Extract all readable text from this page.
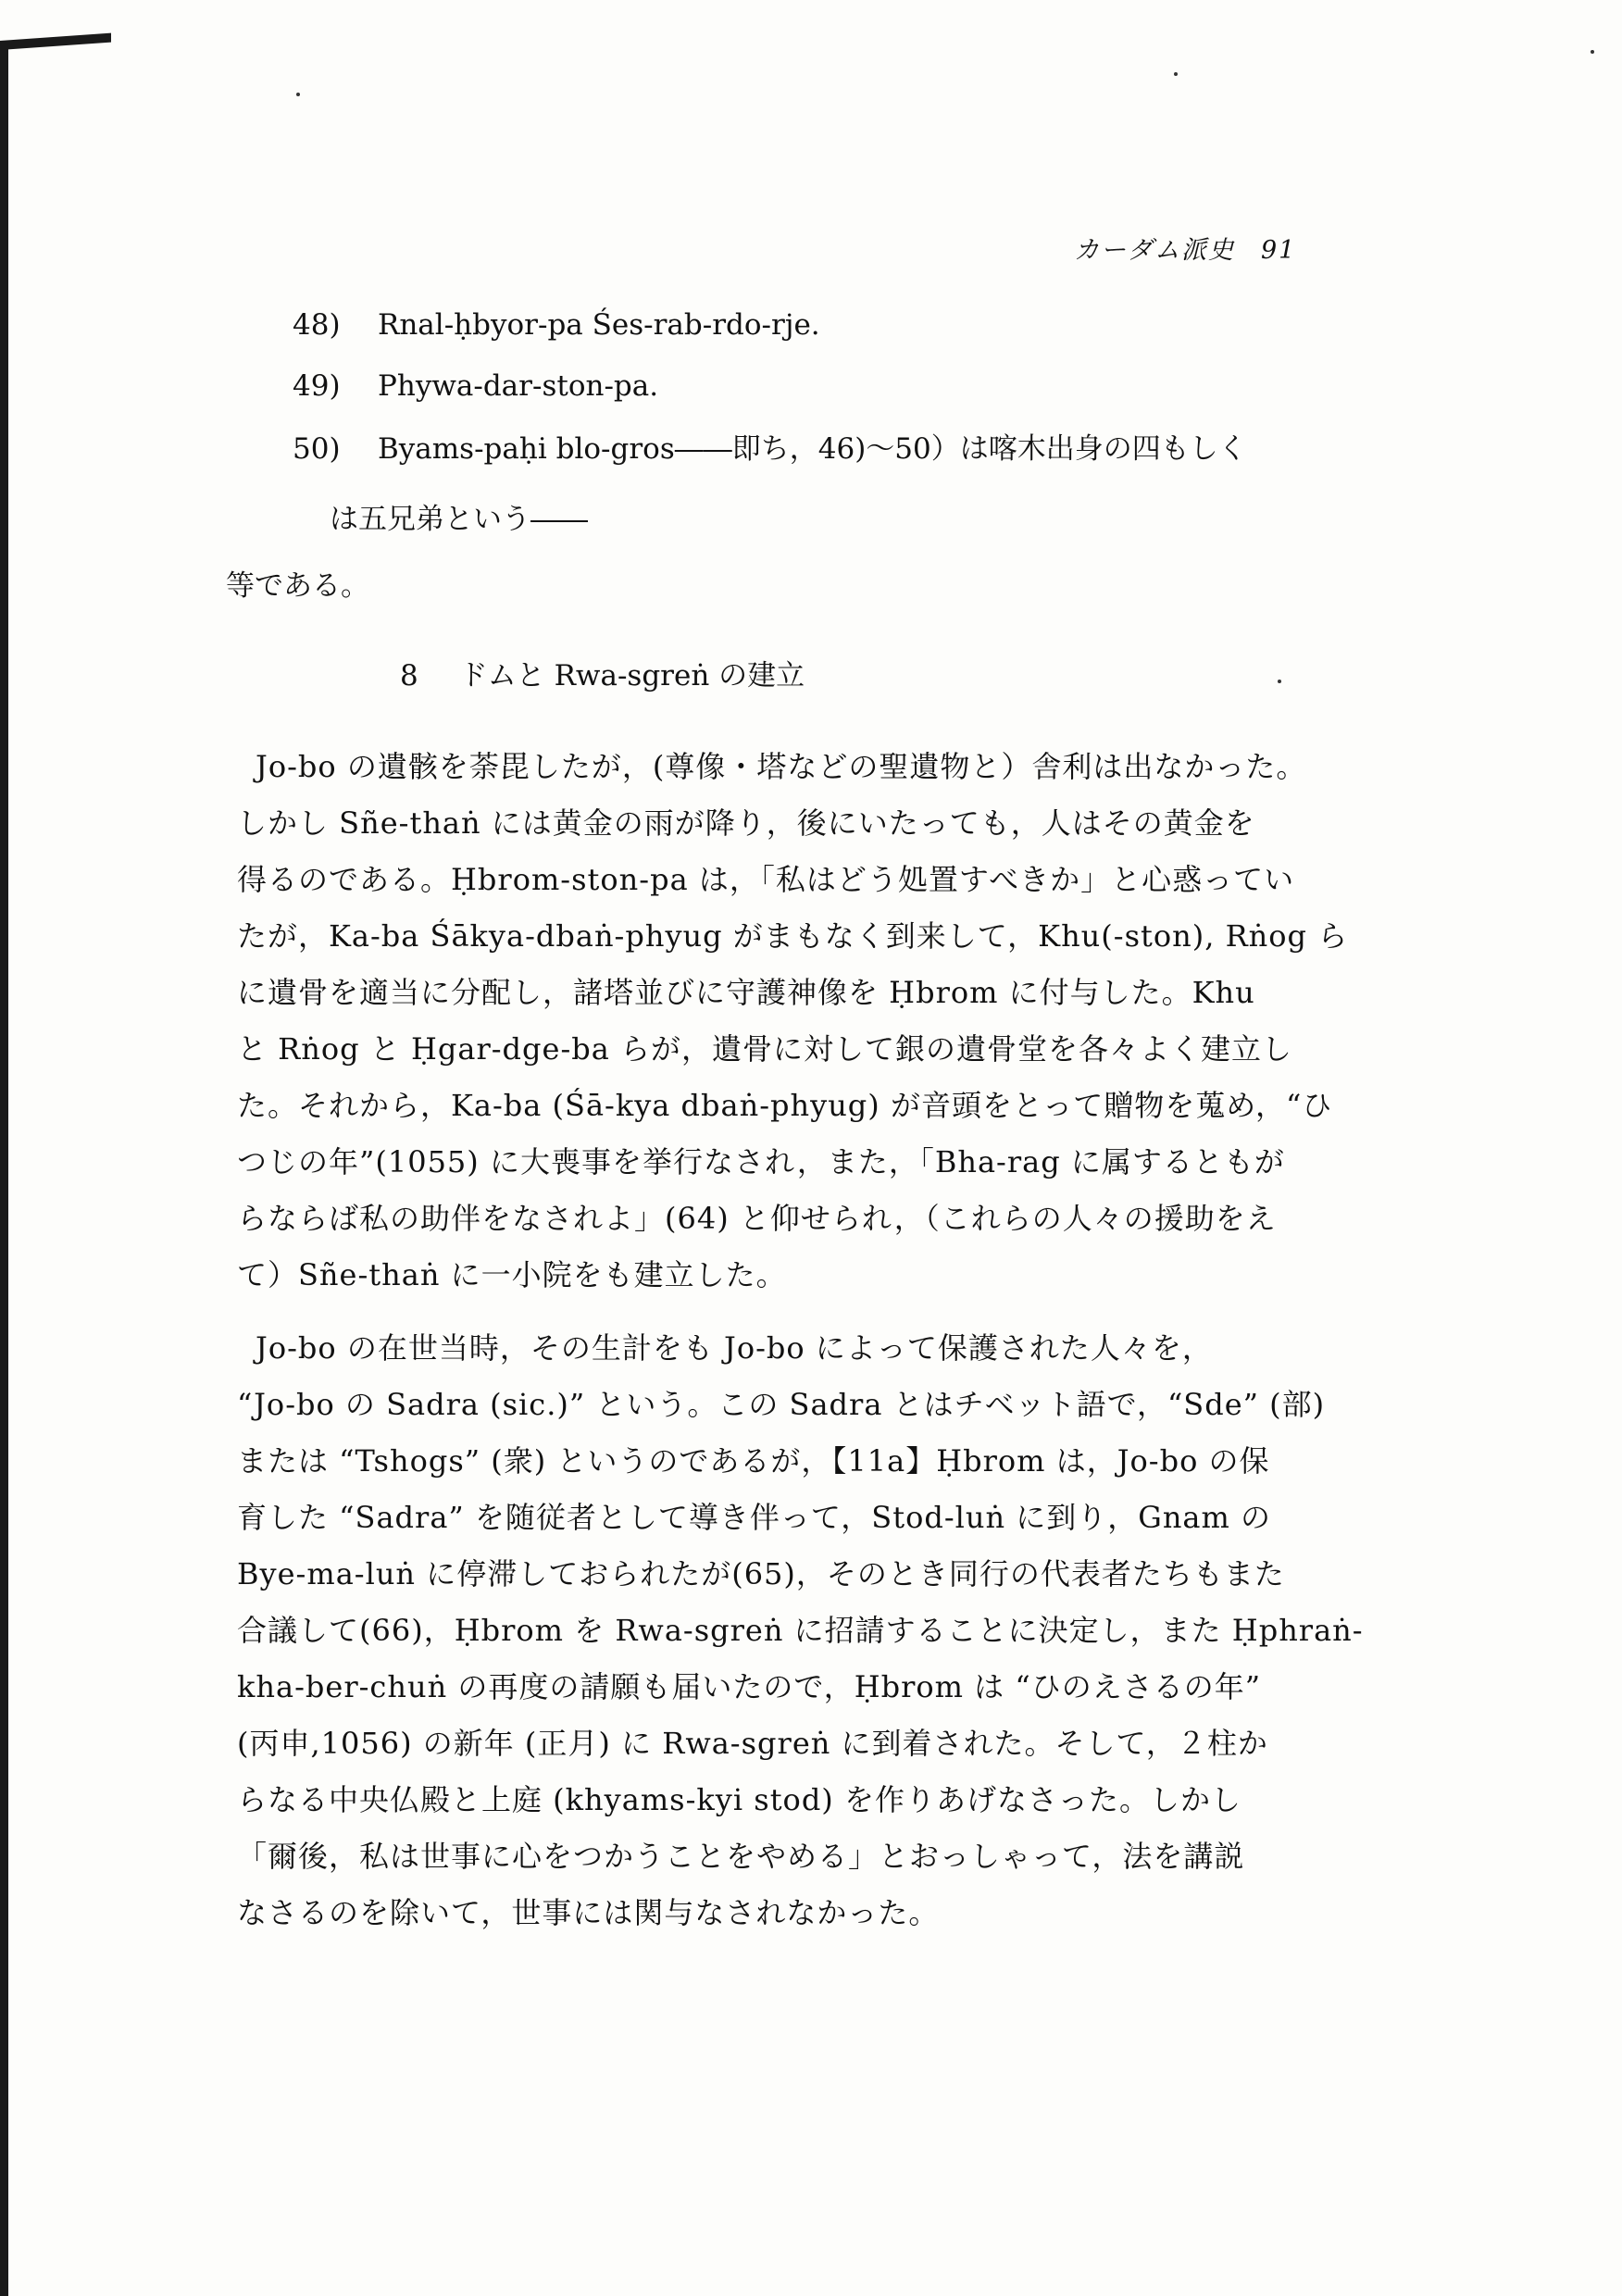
カーダム派史 91
48) Rnal-ḥbyor-pa Śes-rab-rdo-rje.
49) Phywa-dar-ston-pa.
50) Byams-paḥi blo-gros――即ち，46)～50）は喀木出身の四もしく
は五兄弟という――
等である。
8 ドムと Rwa-sgreṅ の建立
Jo-bo の遺骸を荼毘したが，(尊像・塔などの聖遺物と）舎利は出なかった。
しかし Sñe-thaṅ には黄金の雨が降り，後にいたっても，人はその黄金を
得るのである。Ḥbrom-ston-pa は，「私はどう処置すべきか」と心惑ってい
たが，Ka-ba Śākya-dbaṅ-phyug がまもなく到来して，Khu(-ston), Rṅog ら
に遺骨を適当に分配し，諸塔並びに守護神像を Ḥbrom に付与した。Khu
と Rṅog と Ḥgar-dge-ba らが，遺骨に対して銀の遺骨堂を各々よく建立し
た。それから，Ka-ba (Śā-kya dbaṅ-phyug) が音頭をとって贈物を蒐め，“ひ
つじの年”(1055) に大喪事を挙行なされ，また，「Bha-rag に属するともが
らならば私の助伴をなされよ」(64) と仰せられ，（これらの人々の援助をえ
て）Sñe-thaṅ に一小院をも建立した。
Jo-bo の在世当時，その生計をも Jo-bo によって保護された人々を，
“Jo-bo の Sadra (sic.)” という。この Sadra とはチベット語で，“Sde” (部)
または “Tshogs” (衆) というのであるが，【11a】Ḥbrom は，Jo-bo の保
育した “Sadra” を随従者として導き伴って，Stod-luṅ に到り，Gnam の
Bye-ma-luṅ に停滞しておられたが(65)，そのとき同行の代表者たちもまた
合議して(66)，Ḥbrom を Rwa-sgreṅ に招請することに決定し，また Ḥphraṅ-
kha-ber-chuṅ の再度の請願も届いたので，Ḥbrom は “ひのえさるの年”
(丙申,1056) の新年 (正月) に Rwa-sgreṅ に到着された。そして，２柱か
らなる中央仏殿と上庭 (khyams-kyi stod) を作りあげなさった。しかし
「爾後，私は世事に心をつかうことをやめる」とおっしゃって，法を講説
なさるのを除いて，世事には関与なされなかった。
